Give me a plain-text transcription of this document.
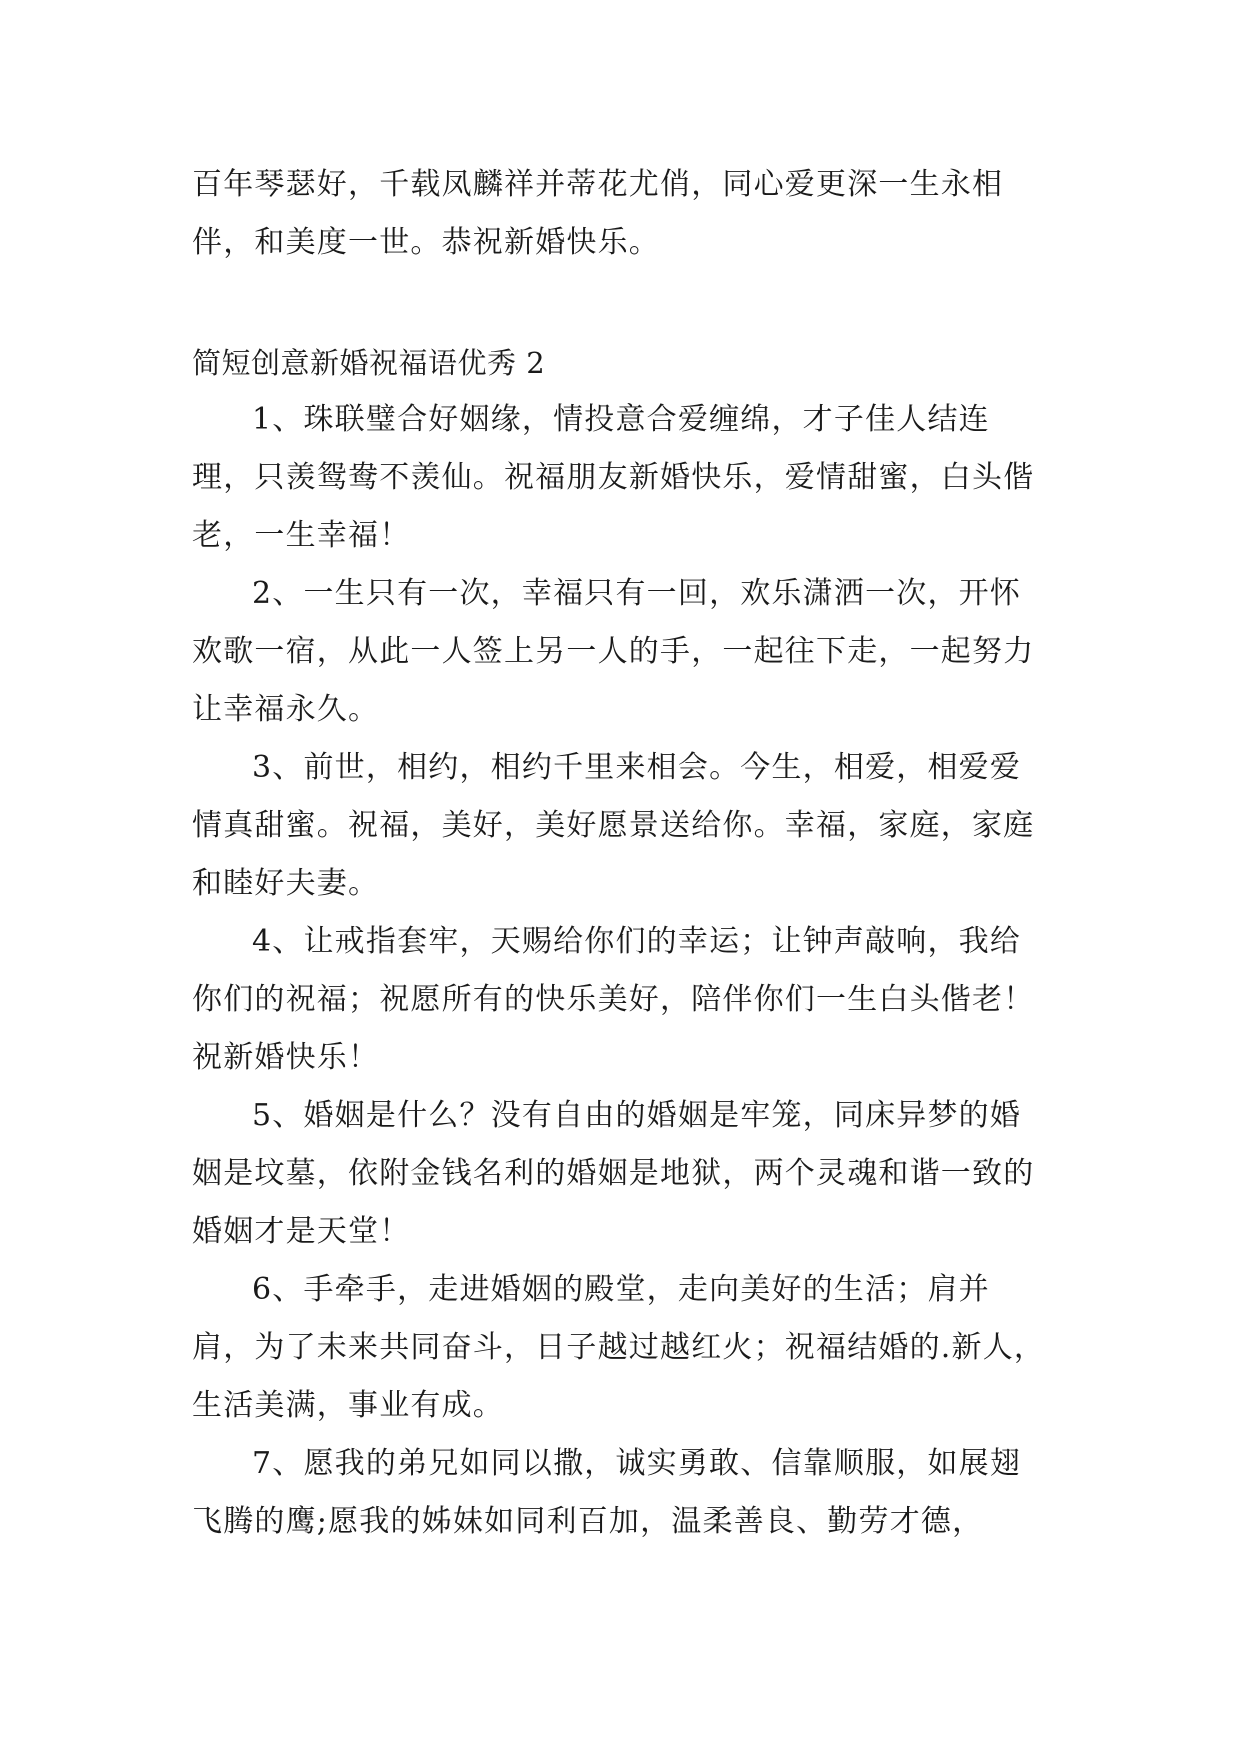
百年琴瑟好，千载凤麟祥并蒂花尤俏，同心爱更深一生永相伴，和美度一世。恭祝新婚快乐。
简短创意新婚祝福语优秀 2
1、珠联璧合好姻缘，情投意合爱缠绵，才子佳人结连理，只羡鸳鸯不羡仙。祝福朋友新婚快乐，爱情甜蜜，白头偕老，一生幸福！
2、一生只有一次，幸福只有一回，欢乐潇洒一次，开怀欢歌一宿，从此一人签上另一人的手，一起往下走，一起努力让幸福永久。
3、前世，相约，相约千里来相会。今生，相爱，相爱爱情真甜蜜。祝福，美好，美好愿景送给你。幸福，家庭，家庭和睦好夫妻。
4、让戒指套牢，天赐给你们的幸运；让钟声敲响，我给你们的祝福；祝愿所有的快乐美好，陪伴你们一生白头偕老！祝新婚快乐！
5、婚姻是什么？没有自由的婚姻是牢笼，同床异梦的婚姻是坟墓，依附金钱名利的婚姻是地狱，两个灵魂和谐一致的婚姻才是天堂！
6、手牵手，走进婚姻的殿堂，走向美好的生活；肩并肩，为了未来共同奋斗，日子越过越红火；祝福结婚的.新人，生活美满，事业有成。
7、愿我的弟兄如同以撒，诚实勇敢、信靠顺服，如展翅飞腾的鹰;愿我的姊妹如同利百加，温柔善良、勤劳才德，
